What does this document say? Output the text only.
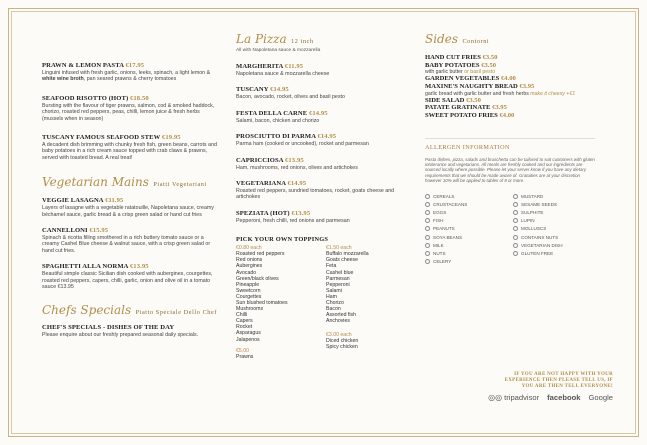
PRAWN & LEMON PASTA €17.95
Linguini infused with fresh garlic, onions, leeks, spinach, a light lemon & white wine broth, pan seared prawns & cherry tomatoes
SEAFOOD RISOTTO (HOT) €18.50
Bursting with the flavour of tiger prawns, salmon, cod & smoked haddock, chorizo, roasted red peppers, peas, chilli, lemon juice & fresh herbs (mussels when in season)
TUSCANY FAMOUS SEAFOOD STEW €19.95
A decadent dish brimming with chunky fresh fish, green beans, carrots and baby potatoes in a rich cream sauce topped with crab claws & prawns, served with toasted bread. A real treat!
Vegetarian Mains Piatti Vegetariani
VEGGIE LASAGNA €11.95
Layers of lasagne with a vegetable ratatouille, Napoletana sauce, creamy béchamel sauce, garlic bread & a crisp green salad or hand cut fries
CANNELLONI €15.95
Spinach & ricotta filling smothered in a rich buttery tomato sauce or a creamy Cashel Blue cheese & walnut sauce, with a crisp green salad or hand cut fries.
SPAGHETTI ALLA NORMA €13.95
Beautiful simple classic Sicilian dish cooked with aubergines, courgettes, roasted red peppers, capers, chilli, garlic, onion and olive oil in a tomato sauce €13.95
Chefs Specials Piatto Speciale Dello Chef
CHEF'S SPECIALS - DISHES OF THE DAY
Please enquire about our freshly prepared seasonal daily specials.
La Pizza 12 inch
All with Napoletana sauce & mozzarella
MARGHERITA €11.95
Napoletana sauce & mozzarella cheese
TUSCANY €14.95
Bacon, avocado, rocket, olives and basil pesto
FESTA DELLA CARNE €14.95
Salami, bacon, chicken and chorizo
PROSCIUTTO DI PARMA €14.95
Parma ham (cooked or uncooked), rocket and parmesan
CAPRICCIOSA €13.95
Ham, mushrooms, red onions, olives and artichokes
VEGETARIANA €14.95
Roasted red peppers, sundried tomatoes, rocket, goats cheese and artichokes
SPEZIATA (HOT) €13.95
Pepperoni, fresh chilli, red onions and parmesan
PICK YOUR OWN TOPPINGS
€0.80 each
Roasted red peppers
Red onions
Aubergines
Avocado
Green/black olives
Pineapple
Sweetcorn
Courgettes
Sun blushed tomatoes
Mushrooms
Chilli
Capers
Rocket
Asparagus
Jalapenos
€5.00
Prawns
€1.50 each
Buffalo mozzarella
Goats cheese
Feta
Cashel blue
Parmesan
Pepperoni
Salami
Ham
Chorizo
Bacon
Assorted fish
Anchovies
€3.00 each
Diced chicken
Spicy chicken
Sides Contorni
HAND CUT FRIES €3.50
BABY POTATOES €3.50
with garlic butter or basil pesto
GARDEN VEGETABLES €4.00
MAXINE'S NAUGHTY BREAD €3.95
garlic bread with garlic butter and fresh herbs make it cheesy +€1
SIDE SALAD €3.50
PATATE GRATINATE €3.95
SWEET POTATO FRIES €4.00
ALLERGEN INFORMATION
Pasta dishes, pizza, salads and bruschetta can be tailored to suit customers with gluten intolerance and vegetarians. All meals are freshly cooked and our ingredients are sourced locally where possible. Please let your server know if you have any dietary requirements that we should be made aware of. Gratuities are at your discretion however 10% will be applied to tables of 8 or more.
CEREALS	MUSTARD
CRUSTACEANS	SESAME SEEDS
EGGS	SULPHITE
FISH	LUPIN
PEANUTS	MOLLUSCS
SOYA BEANS	CONTAINS NUTS
MILK	VEGETARIAN DISH
NUTS	GLUTEN FREE
CELERY
IF YOU ARE NOT HAPPY WITH YOUR
EXPERIENCE THEN PLEASE TELL US, IF
YOU ARE THEN TELL EVERYONE!
◎◎ tripadvisor facebook Google
